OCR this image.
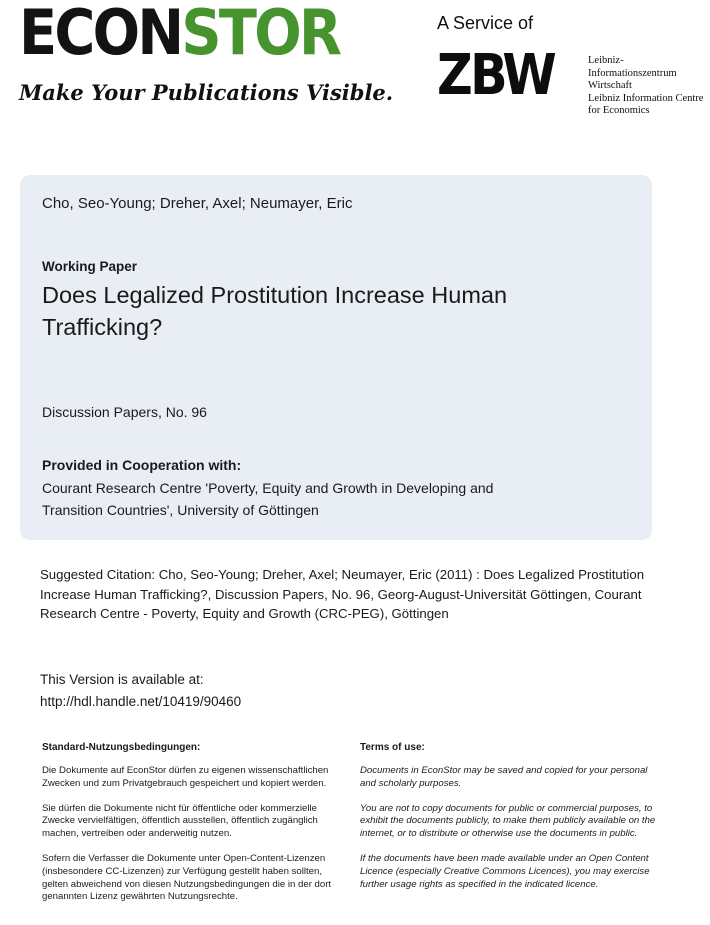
ECONSTOR
Make Your Publications Visible.
A Service of
ZBW	Leibniz-Informationszentrum
Wirtschaft
Leibniz Information Centre
for Economics
Cho, Seo-Young; Dreher, Axel; Neumayer, Eric
Working Paper
Does Legalized Prostitution Increase Human Trafficking?
Discussion Papers, No. 96
Provided in Cooperation with:
Courant Research Centre 'Poverty, Equity and Growth in Developing and Transition Countries', University of Göttingen
Suggested Citation: Cho, Seo-Young; Dreher, Axel; Neumayer, Eric (2011) : Does Legalized Prostitution Increase Human Trafficking?, Discussion Papers, No. 96, Georg-August-Universität Göttingen, Courant Research Centre - Poverty, Equity and Growth (CRC-PEG), Göttingen
This Version is available at:
http://hdl.handle.net/10419/90460
Standard-Nutzungsbedingungen:

Die Dokumente auf EconStor dürfen zu eigenen wissenschaftlichen Zwecken und zum Privatgebrauch gespeichert und kopiert werden.

Sie dürfen die Dokumente nicht für öffentliche oder kommerzielle Zwecke vervielfältigen, öffentlich ausstellen, öffentlich zugänglich machen, vertreiben oder anderweitig nutzen.

Sofern die Verfasser die Dokumente unter Open-Content-Lizenzen (insbesondere CC-Lizenzen) zur Verfügung gestellt haben sollten, gelten abweichend von diesen Nutzungsbedingungen die in der dort genannten Lizenz gewährten Nutzungsrechte.

Terms of use:

Documents in EconStor may be saved and copied for your personal and scholarly purposes.

You are not to copy documents for public or commercial purposes, to exhibit the documents publicly, to make them publicly available on the internet, or to distribute or otherwise use the documents in public.

If the documents have been made available under an Open Content Licence (especially Creative Commons Licences), you may exercise further usage rights as specified in the indicated licence.
